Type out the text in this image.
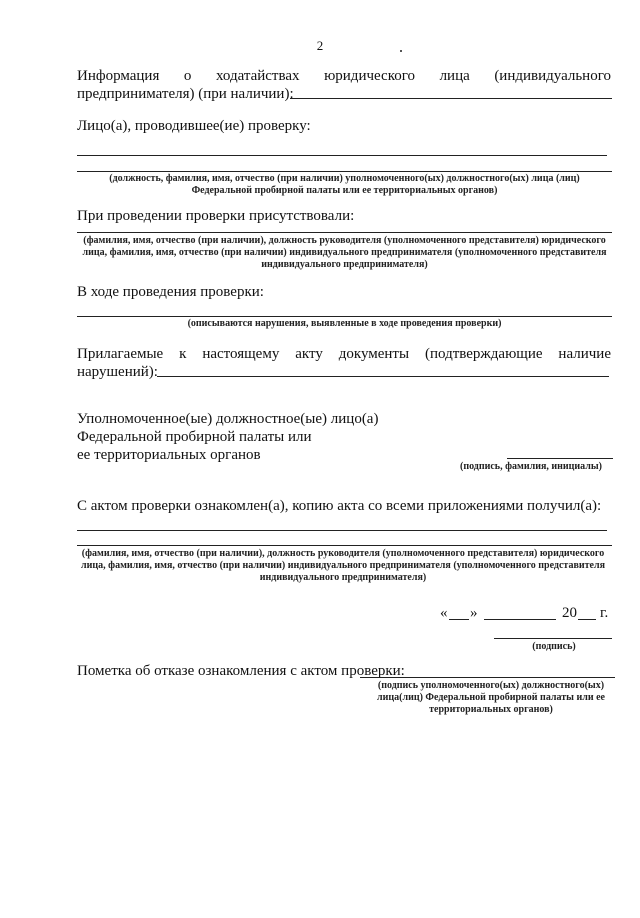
2
Информация о ходатайствах юридического лица (индивидуального
предпринимателя) (при наличии):
Лицо(а), проводившее(ие) проверку:
(должность, фамилия, имя, отчество (при наличии) уполномоченного(ых) должностного(ых) лица (лиц)
Федеральной пробирной палаты или ее территориальных органов)
При проведении проверки присутствовали:
(фамилия, имя, отчество (при наличии), должность руководителя (уполномоченного представителя) юридического лица, фамилия, имя, отчество (при наличии) индивидуального предпринимателя (уполномоченного представителя индивидуального предпринимателя)
В ходе проведения проверки:
(описываются нарушения, выявленные в ходе проведения проверки)
Прилагаемые к настоящему акту документы (подтверждающие наличие
нарушений):
Уполномоченное(ые) должностное(ые) лицо(а)
Федеральной пробирной палаты или
ее территориальных органов
(подпись, фамилия, инициалы)
С актом проверки ознакомлен(а), копию акта со всеми приложениями получил(а):
(фамилия, имя, отчество (при наличии), должность руководителя (уполномоченного представителя) юридического лица, фамилия, имя, отчество (при наличии) индивидуального предпринимателя (уполномоченного представителя индивидуального предпринимателя)
« »	20 г.
(подпись)
Пометка об отказе ознакомления с актом проверки:
(подпись уполномоченного(ых) должностного(ых) лица(лиц) Федеральной пробирной палаты или ее территориальных органов)
